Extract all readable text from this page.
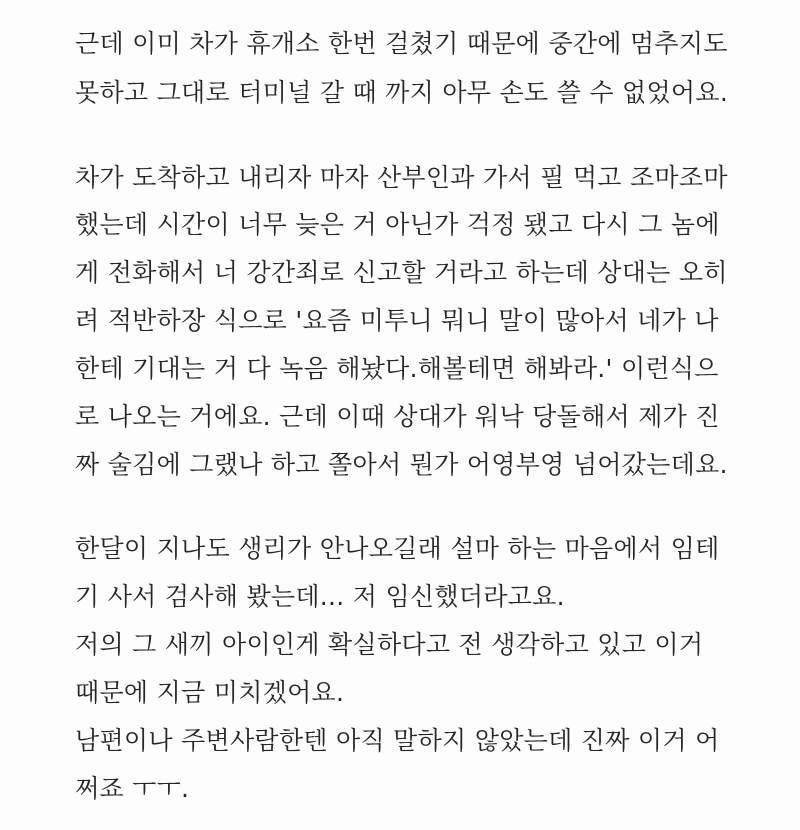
근데 이미 차가 휴개소 한번 걸쳤기 때문에 중간에 멈추지도

못하고 그대로 터미널 갈 때 까지 아무 손도 쓸 수 없었어요.

차가 도착하고 내리자 마자 산부인과 가서 필 먹고 조마조마

했는데 시간이 너무 늦은 거 아닌가 걱정 됐고 다시 그 놈에

게 전화해서 너 강간죄로 신고할 거라고 하는데 상대는 오히

려 적반하장 식으로 '요즘 미투니 뭐니 말이 많아서 네가 나

한테 기대는 거 다 녹음 해놨다.해볼테면 해봐라.' 이런식으

로 나오는 거에요. 근데 이때 상대가 워낙 당돌해서 제가 진

짜 술김에 그랬나 하고 쫄아서 뭔가 어영부영 넘어갔는데요.

한달이 지나도 생리가 안나오길래 설마 하는 마음에서 임테

기 사서 검사해 봤는데... 저 임신했더라고요.

저의 그 새끼 아이인게 확실하다고 전 생각하고 있고 이거

때문에 지금 미치겠어요.

남편이나 주변사람한텐 아직 말하지 않았는데 진짜 이거 어

쩌죠 ㅜㅜ.
